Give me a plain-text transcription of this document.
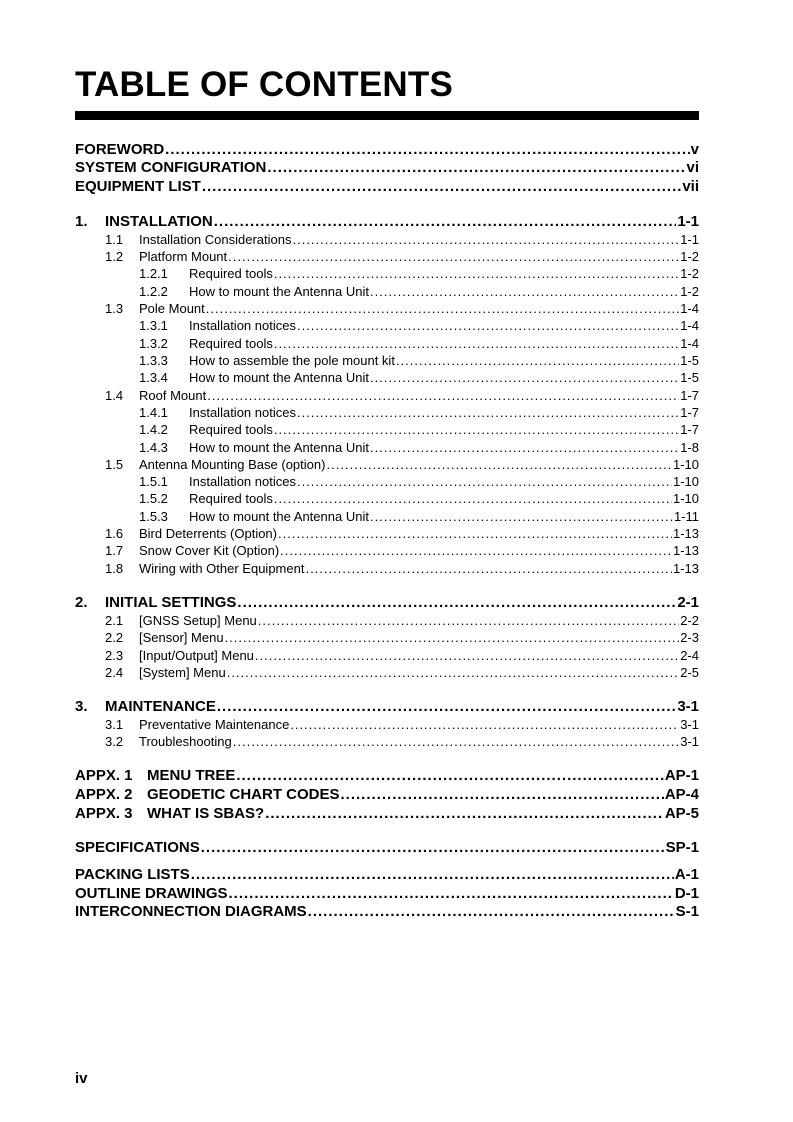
TABLE OF CONTENTS
FOREWORD .....	v
SYSTEM CONFIGURATION .....	vi
EQUIPMENT LIST .....	vii
1.	INSTALLATION .....	1-1
1.1	Installation Considerations .....	1-1
1.2	Platform Mount .....	1-2
1.2.1	Required tools .....	1-2
1.2.2	How to mount the Antenna Unit .....	1-2
1.3	Pole Mount .....	1-4
1.3.1	Installation notices .....	1-4
1.3.2	Required tools .....	1-4
1.3.3	How to assemble the pole mount kit .....	1-5
1.3.4	How to mount the Antenna Unit .....	1-5
1.4	Roof Mount .....	1-7
1.4.1	Installation notices .....	1-7
1.4.2	Required tools .....	1-7
1.4.3	How to mount the Antenna Unit .....	1-8
1.5	Antenna Mounting Base (option) .....	1-10
1.5.1	Installation notices .....	1-10
1.5.2	Required tools .....	1-10
1.5.3	How to mount the Antenna Unit .....	1-11
1.6	Bird Deterrents (Option) .....	1-13
1.7	Snow Cover Kit (Option) .....	1-13
1.8	Wiring with Other Equipment .....	1-13
2.	INITIAL SETTINGS .....	2-1
2.1	[GNSS Setup] Menu .....	2-2
2.2	[Sensor] Menu .....	2-3
2.3	[Input/Output] Menu .....	2-4
2.4	[System] Menu .....	2-5
3.	MAINTENANCE .....	3-1
3.1	Preventative Maintenance .....	3-1
3.2	Troubleshooting .....	3-1
APPX. 1 MENU TREE .....	AP-1
APPX. 2 GEODETIC CHART CODES .....	AP-4
APPX. 3 WHAT IS SBAS? .....	AP-5
SPECIFICATIONS .....	SP-1
PACKING LISTS .....	A-1
OUTLINE DRAWINGS .....	D-1
INTERCONNECTION DIAGRAMS .....	S-1
iv
